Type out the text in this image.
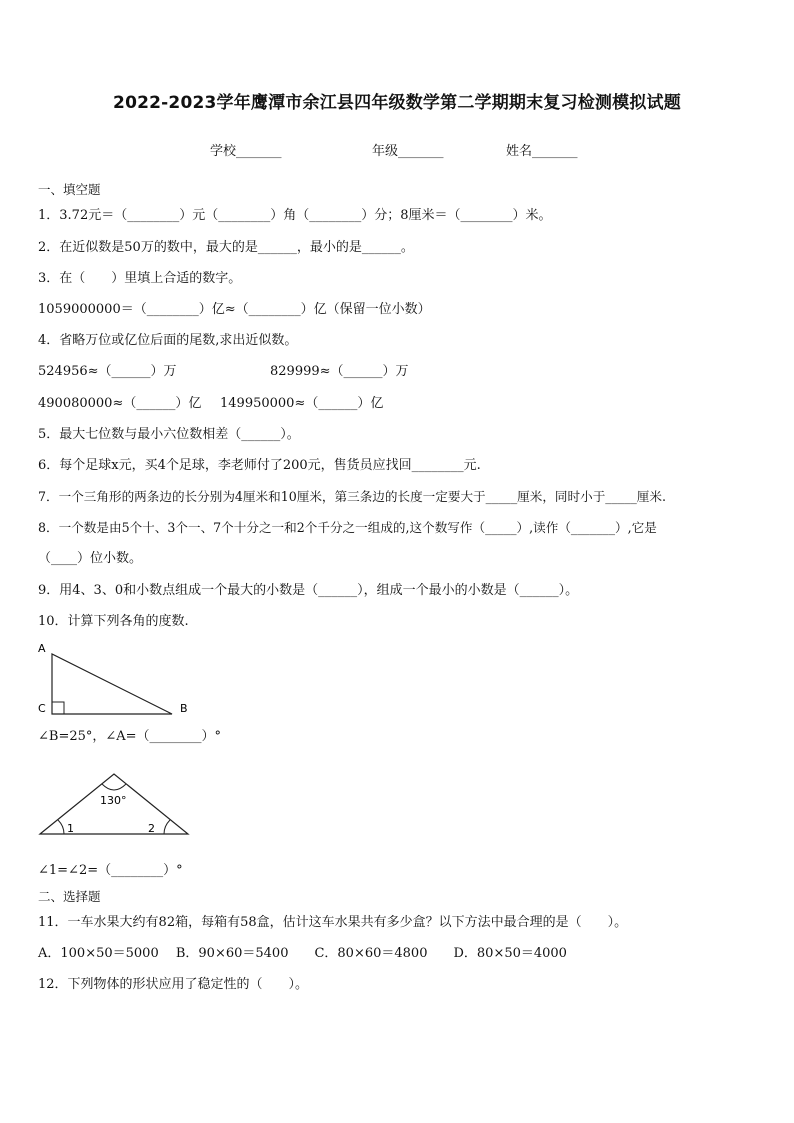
2022-2023学年鹰潭市余江县四年级数学第二学期期末复习检测模拟试题
学校_______	年级_______	姓名_______
一、填空题
1．3.72元＝（________）元（________）角（________）分；8厘米＝（________）米。
2．在近似数是50万的数中，最大的是______，最小的是______。
3．在（　　）里填上合适的数字。
1059000000＝（________）亿≈（________）亿（保留一位小数）
4．省略万位或亿位后面的尾数,求出近似数。
524956≈（______）万	829999≈（______）万
490080000≈（______）亿 149950000≈（______）亿
5．最大七位数与最小六位数相差（______）。
6．每个足球x元，买4个足球，李老师付了200元，售货员应找回________元.
7．一个三角形的两条边的长分别为4厘米和10厘米，第三条边的长度一定要大于_____厘米，同时小于_____厘米.
8．一个数是由5个十、3个一、7个十分之一和2个千分之一组成的,这个数写作（_____）,读作（_______）,它是
（____）位小数。
9．用4、3、0和小数点组成一个最大的小数是（______），组成一个最小的小数是（______）。
10．计算下列各角的度数.
A
C	B
∠B=25°，∠A=（________）°
130°
1	2
∠1=∠2=（________）°
二、选择题
11．一车水果大约有82箱，每箱有58盒，估计这车水果共有多少盒？以下方法中最合理的是（　　）。
A．100×50＝5000　 B．90×60＝5400　　C．80×60＝4800　　D．80×50＝4000
12．下列物体的形状应用了稳定性的（　　）。
